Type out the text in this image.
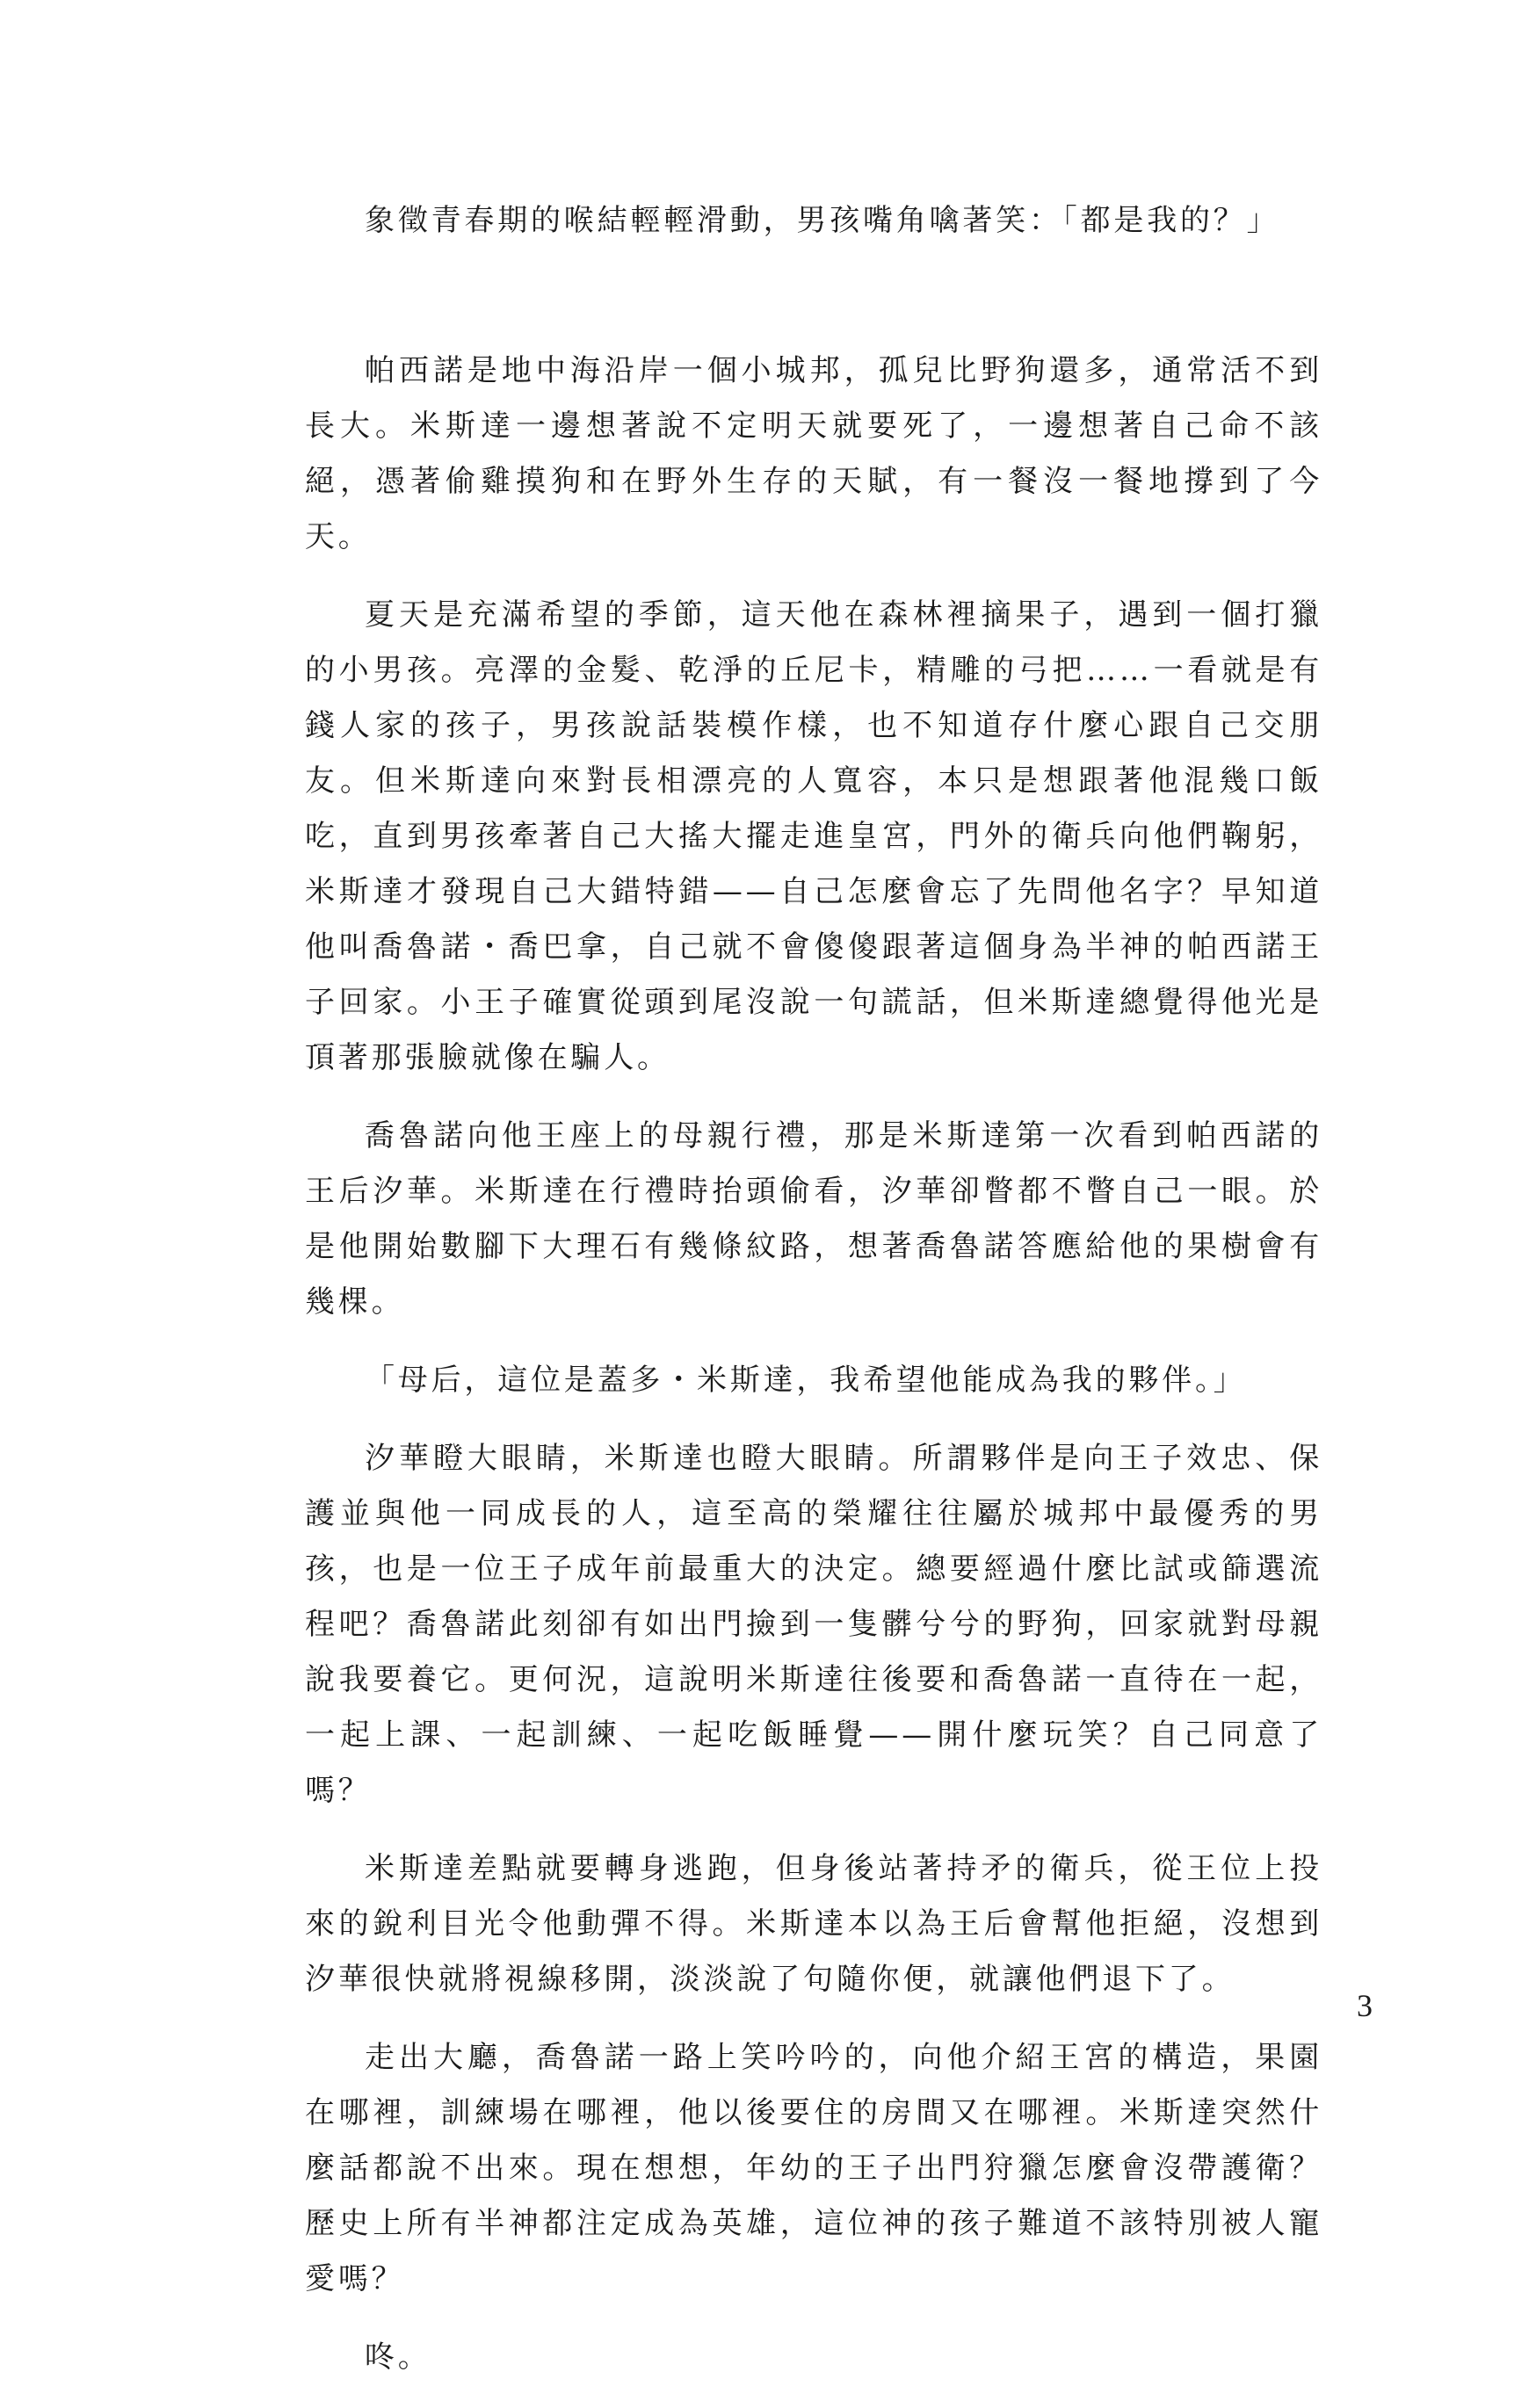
象徵青春期的喉結輕輕滑動，男孩嘴角噙著笑：「都是我的？」

帕西諾是地中海沿岸一個小城邦，孤兒比野狗還多，通常活不到長大。米斯達一邊想著說不定明天就要死了，一邊想著自己命不該絕，憑著偷雞摸狗和在野外生存的天賦，有一餐沒一餐地撐到了今天。

夏天是充滿希望的季節，這天他在森林裡摘果子，遇到一個打獵的小男孩。亮澤的金髮、乾淨的丘尼卡，精雕的弓把……一看就是有錢人家的孩子，男孩說話裝模作樣，也不知道存什麼心跟自己交朋友。但米斯達向來對長相漂亮的人寬容，本只是想跟著他混幾口飯吃，直到男孩牽著自己大搖大擺走進皇宮，門外的衛兵向他們鞠躬，米斯達才發現自己大錯特錯——自己怎麼會忘了先問他名字？早知道他叫喬魯諾・喬巴拿，自己就不會傻傻跟著這個身為半神的帕西諾王子回家。小王子確實從頭到尾沒說一句謊話，但米斯達總覺得他光是頂著那張臉就像在騙人。

喬魯諾向他王座上的母親行禮，那是米斯達第一次看到帕西諾的王后汐華。米斯達在行禮時抬頭偷看，汐華卻瞥都不瞥自己一眼。於是他開始數腳下大理石有幾條紋路，想著喬魯諾答應給他的果樹會有幾棵。

「母后，這位是蓋多・米斯達，我希望他能成為我的夥伴。」

汐華瞪大眼睛，米斯達也瞪大眼睛。所謂夥伴是向王子效忠、保護並與他一同成長的人，這至高的榮耀往往屬於城邦中最優秀的男孩，也是一位王子成年前最重大的決定。總要經過什麼比試或篩選流程吧？喬魯諾此刻卻有如出門撿到一隻髒兮兮的野狗，回家就對母親說我要養它。更何況，這說明米斯達往後要和喬魯諾一直待在一起，一起上課、一起訓練、一起吃飯睡覺——開什麼玩笑？自己同意了嗎？

米斯達差點就要轉身逃跑，但身後站著持矛的衛兵，從王位上投來的銳利目光令他動彈不得。米斯達本以為王后會幫他拒絕，沒想到汐華很快就將視線移開，淡淡說了句隨你便，就讓他們退下了。

走出大廳，喬魯諾一路上笑吟吟的，向他介紹王宮的構造，果園在哪裡，訓練場在哪裡，他以後要住的房間又在哪裡。米斯達突然什麼話都說不出來。現在想想，年幼的王子出門狩獵怎麼會沒帶護衛？歷史上所有半神都注定成為英雄，這位神的孩子難道不該特別被人寵愛嗎？

咚。

3
